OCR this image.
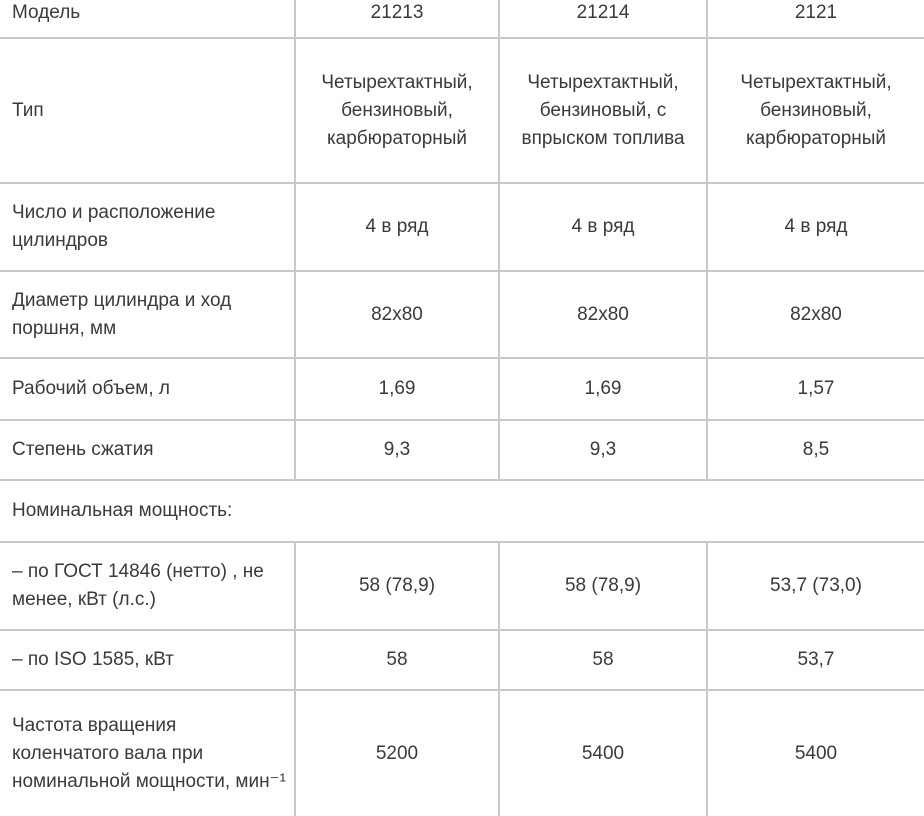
Модель	21213	21214	2121
Тип	Четырехтактный, бензиновый, карбюраторный	Четырехтактный, бензиновый, с впрыском топлива	Четырехтактный, бензиновый, карбюраторный
Число и расположение цилиндров	4 в ряд	4 в ряд	4 в ряд
Диаметр цилиндра и ход поршня, мм	82x80	82x80	82x80
Рабочий объем, л	1,69	1,69	1,57
Степень сжатия	9,3	9,3	8,5
Номинальная мощность:			
– по ГОСТ 14846 (нетто) , не менее, кВт (л.с.)	58 (78,9)	58 (78,9)	53,7 (73,0)
– по ISO 1585, кВт	58	58	53,7
Частота вращения коленчатого вала при номинальной мощности, мин⁻¹	5200	5400	5400
